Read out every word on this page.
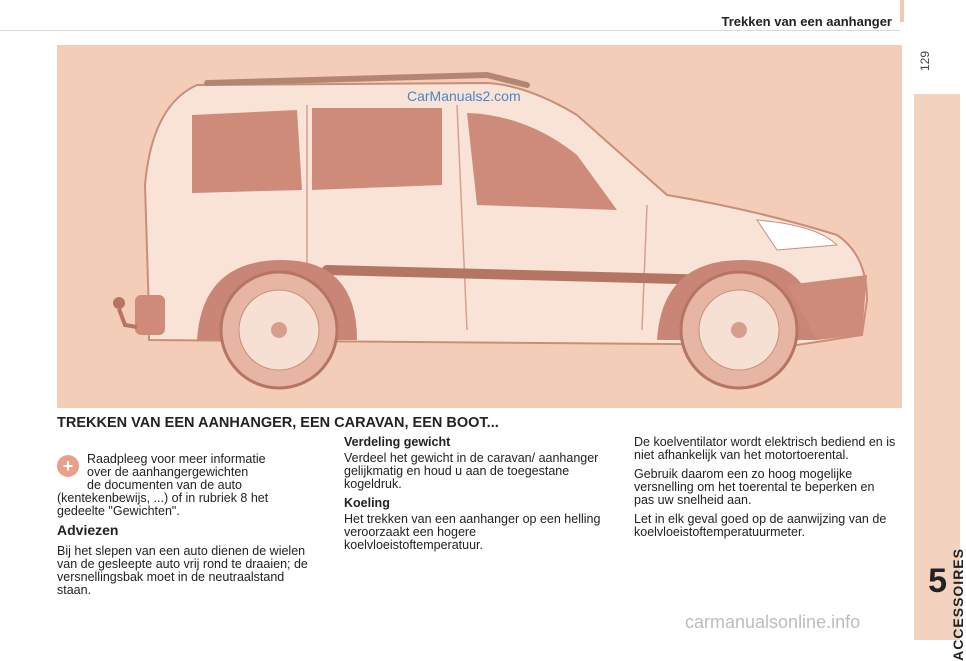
Trekken van een aanhanger
129
ACCESSOIRES
5
CarManuals2.com
TREKKEN VAN EEN AANHANGER, EEN CARAVAN, EEN BOOT...
+ Raadpleeg voor meer informatie
over de aanhangergewichten
de documenten van de auto

(kentekenbewijs, ...) of in rubriek 8 het gedeelte "Gewichten".

Adviezen

Bij het slepen van een auto dienen de wielen van de gesleepte auto vrij rond te draaien; de versnellingsbak moet in de neutraalstand staan.

Verdeling gewicht

Verdeel het gewicht in de caravan/ aanhanger gelijkmatig en houd u aan de toegestane kogeldruk.

Koeling

Het trekken van een aanhanger op een helling veroorzaakt een hogere koelvloeistoftemperatuur.

De koelventilator wordt elektrisch bediend en is niet afhankelijk van het motortoerental.

Gebruik daarom een zo hoog mogelijke versnelling om het toerental te beperken en pas uw snelheid aan.

Let in elk geval goed op de aanwijzing van de koelvloeistoftemperatuurmeter.

carmanualsonline.info
